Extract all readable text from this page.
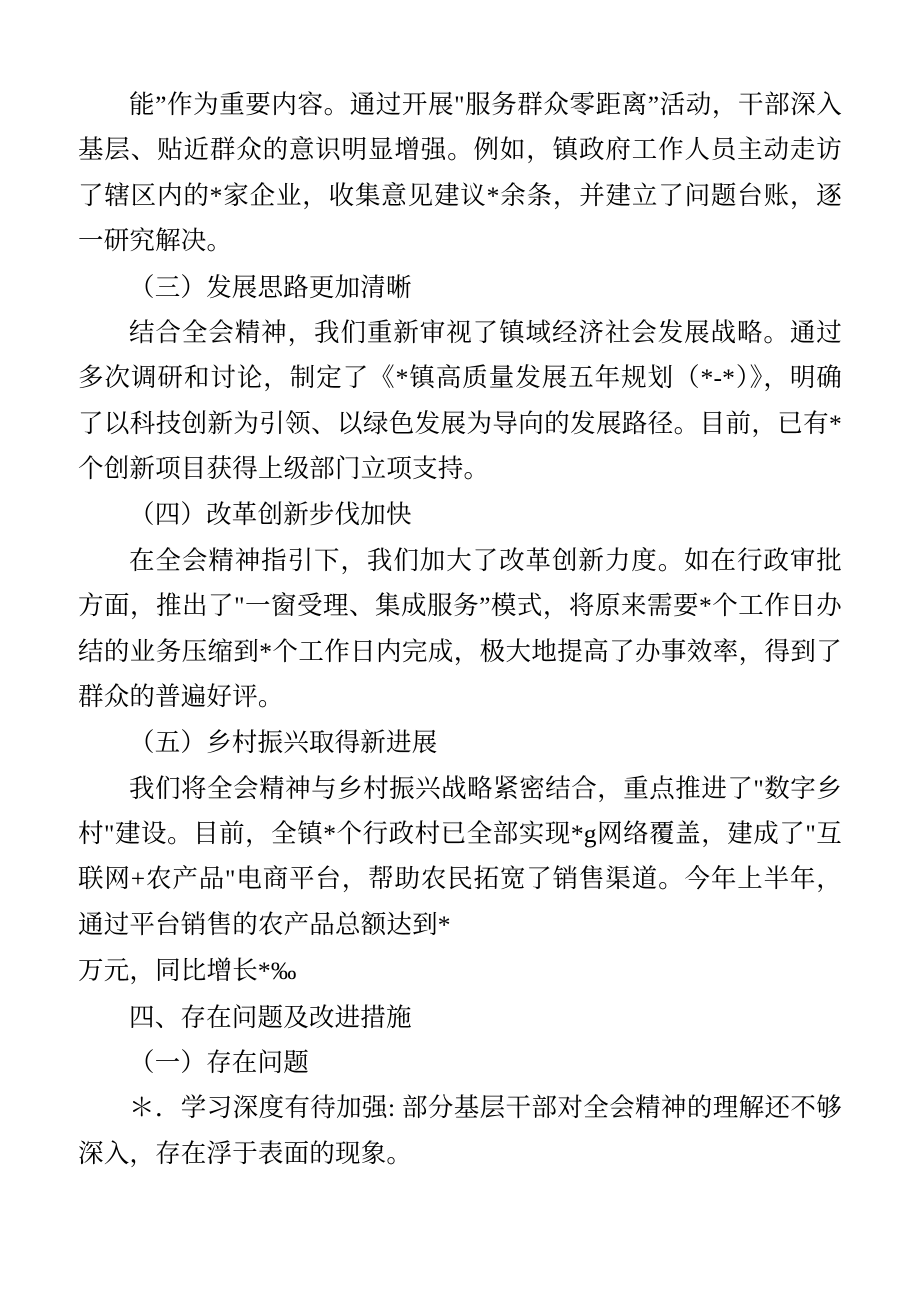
能”作为重要内容。通过开展"服务群众零距离”活动，干部深入基层、贴近群众的意识明显增强。例如，镇政府工作人员主动走访了辖区内的*家企业，收集意见建议*余条，并建立了问题台账，逐一研究解决。

（三）发展思路更加清晰

结合全会精神，我们重新审视了镇域经济社会发展战略。通过多次调研和讨论，制定了《*镇高质量发展五年规划（*-*）》，明确了以科技创新为引领、以绿色发展为导向的发展路径。目前，已有*个创新项目获得上级部门立项支持。

（四）改革创新步伐加快

在全会精神指引下，我们加大了改革创新力度。如在行政审批方面，推出了"一窗受理、集成服务”模式，将原来需要*个工作日办结的业务压缩到*个工作日内完成，极大地提高了办事效率，得到了群众的普遍好评。

（五）乡村振兴取得新进展

我们将全会精神与乡村振兴战略紧密结合，重点推进了"数字乡村"建设。目前，全镇*个行政村已全部实现*g网络覆盖，建成了"互联网+农产品"电商平台，帮助农民拓宽了销售渠道。今年上半年，通过平台销售的农产品总额达到*

万元，同比增长*‰

四、存在问题及改进措施

（一）存在问题

＊．学习深度有待加强: 部分基层干部对全会精神的理解还不够深入，存在浮于表面的现象。
